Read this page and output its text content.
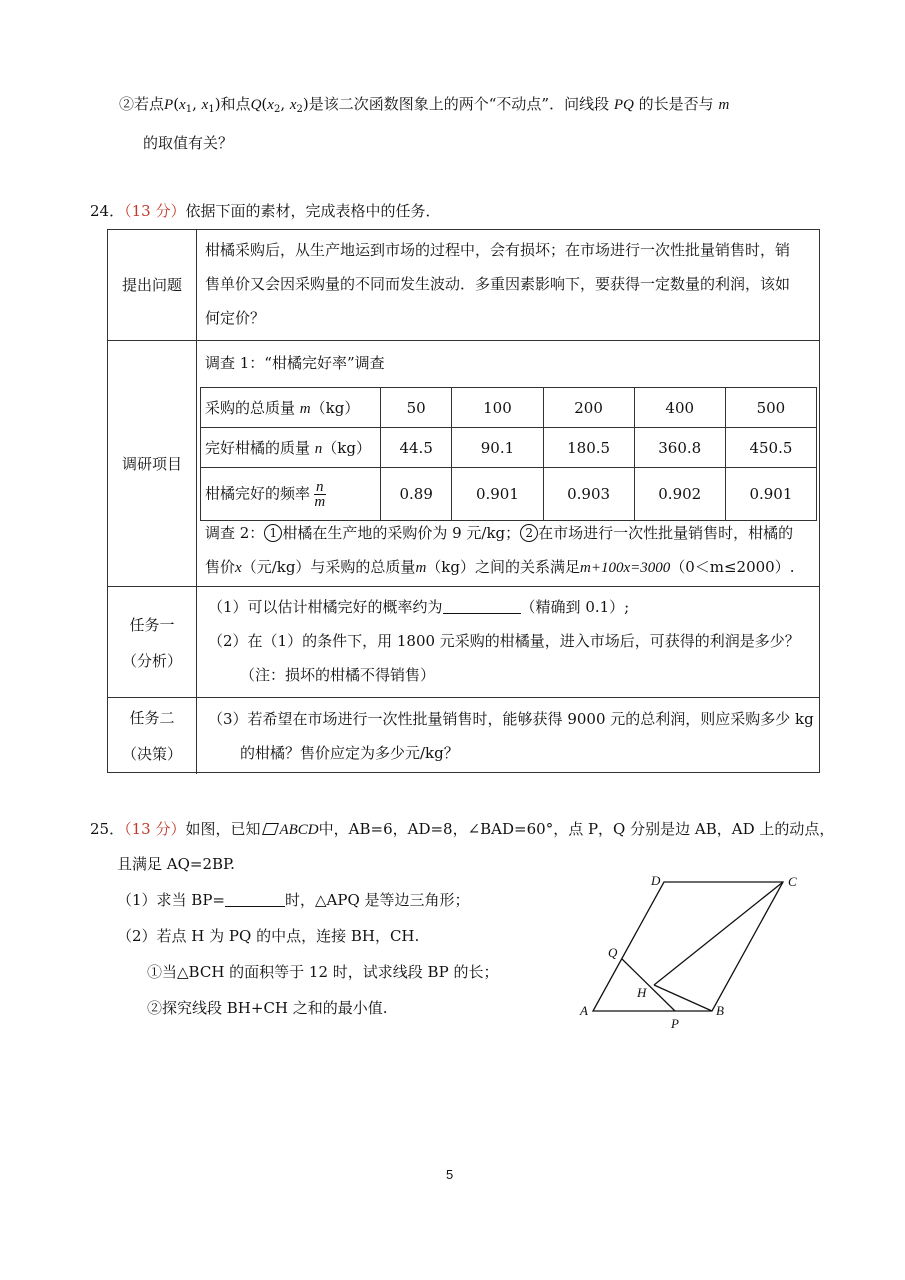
②若点$P(x_1$, $x_1$)和点$Q(x_2$, $x_2$)是该二次函数图象上的两个“不动点”．问线段 PQ 的长是否与 m
的取值有关？
24．（13 分）依据下面的素材，完成表格中的任务．
提出问题
柑橘采购后，从生产地运到市场的过程中，会有损坏；在市场进行一次性批量销售时，销
售单价又会因采购量的不同而发生波动．多重因素影响下，要获得一定数量的利润，该如
何定价？
调研项目
调查 1：“柑橘完好率”调查
采购的总质量 m（kg）	50	100	200	400	500
完好柑橘的质量 n（kg）	44.5	90.1	180.5	360.8	450.5
柑橘完好的频率 $\frac{n}{m}$	0.89	0.901	0.903	0.902	0.901
调查 2： 1 柑橘在生产地的采购价为 9 元/kg； 2 在市场进行一次性批量销售时，柑橘的
售价x（元/kg）与采购的总质量m（kg）之间的关系满足m+100x=3000（0＜m≤2000）.
任务一
（分析）
（1）可以估计柑橘完好的概率约为	（精确到 0.1）;
（2）在（1）的条件下，用 1800 元采购的柑橘量，进入市场后，可获得的利润是多少？
（注：损坏的柑橘不得销售）
任务二
（决策）
（3）若希望在市场进行一次性批量销售时，能够获得 9000 元的总利润，则应采购多少 kg
的柑橘？售价应定为多少元/kg？
25．（13 分）如图，已知 ABCD中，AB=6，AD=8，∠BAD=60°，点 P，Q 分别是边 AB，AD 上的动点，
且满足 AQ=2BP.
（1）求当 BP=	时，△APQ 是等边三角形；
（2）若点 H 为 PQ 的中点，连接 BH，CH.
①当△BCH 的面积等于 12 时，试求线段 BP 的长；
②探究线段 BH+CH 之和的最小值.	A	B
C
D
P
Q
H
5
